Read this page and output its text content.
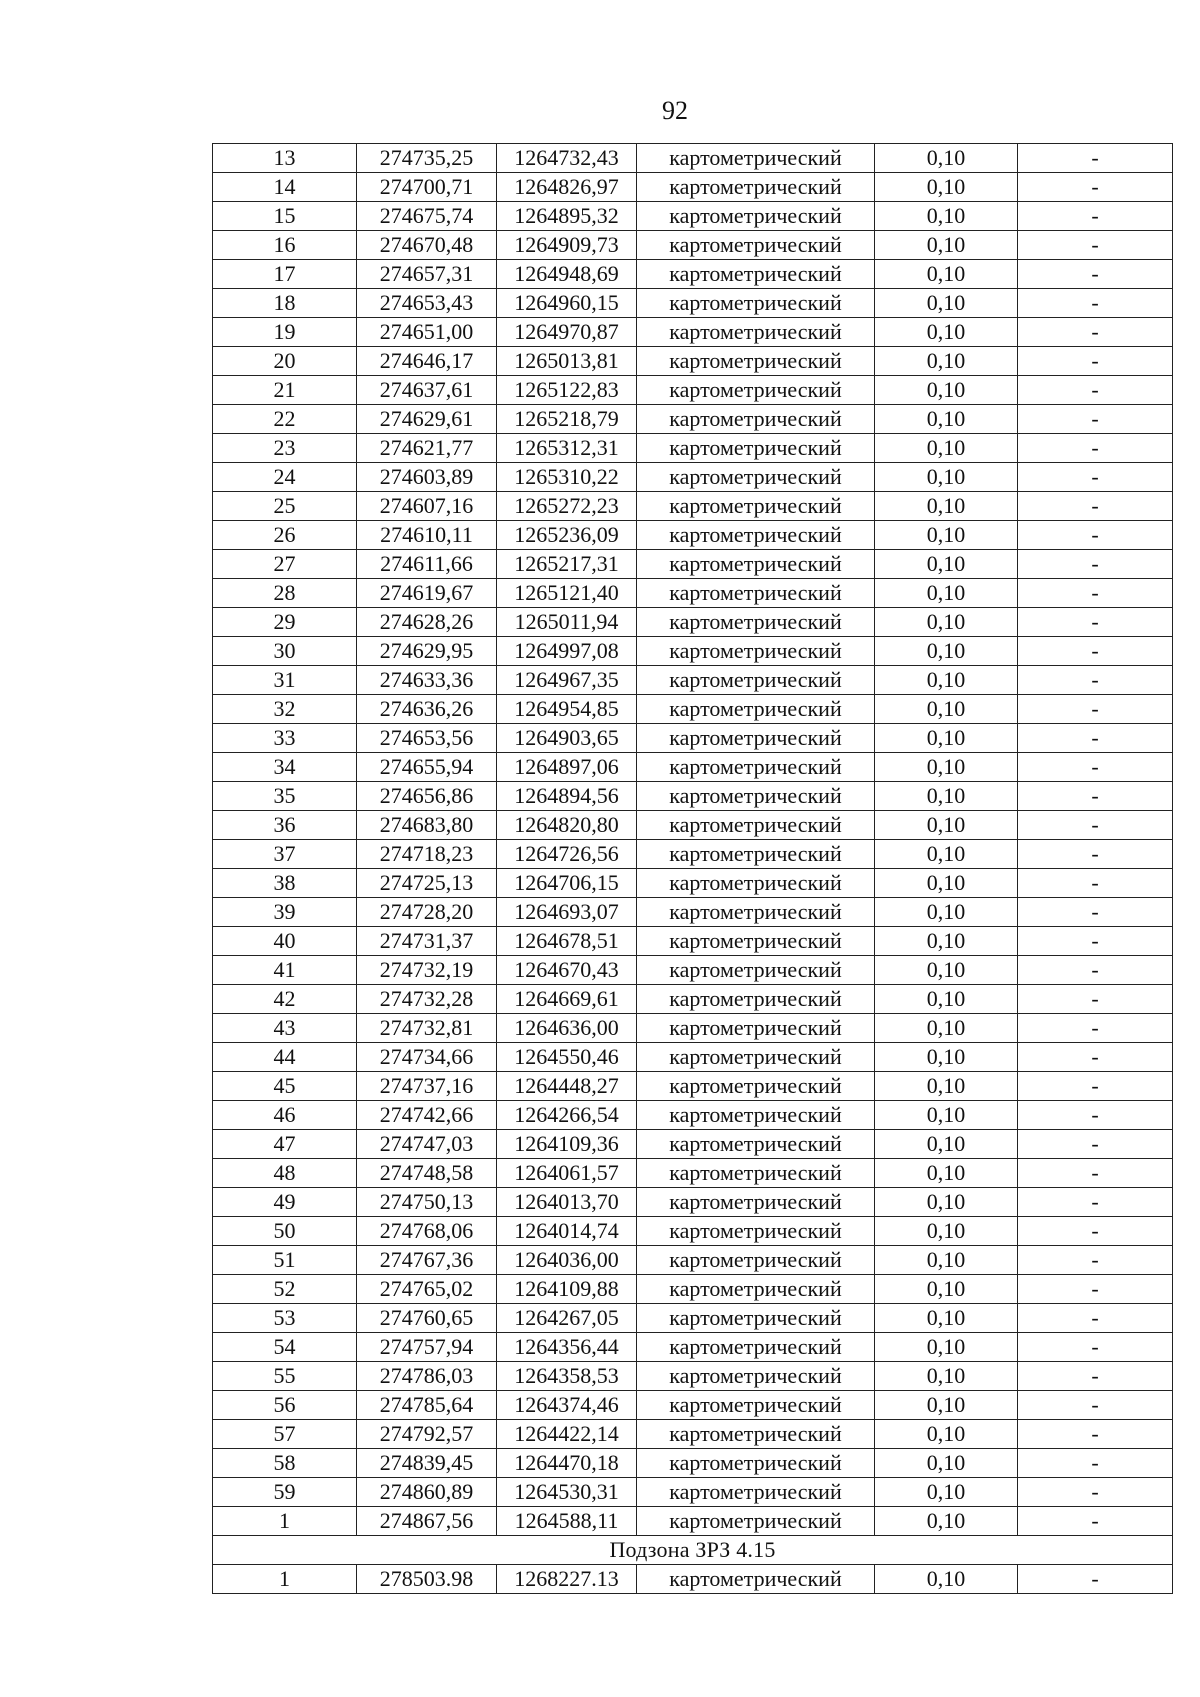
92
13	274735,25	1264732,43	картометрический	0,10	-
14	274700,71	1264826,97	картометрический	0,10	-
15	274675,74	1264895,32	картометрический	0,10	-
16	274670,48	1264909,73	картометрический	0,10	-
17	274657,31	1264948,69	картометрический	0,10	-
18	274653,43	1264960,15	картометрический	0,10	-
19	274651,00	1264970,87	картометрический	0,10	-
20	274646,17	1265013,81	картометрический	0,10	-
21	274637,61	1265122,83	картометрический	0,10	-
22	274629,61	1265218,79	картометрический	0,10	-
23	274621,77	1265312,31	картометрический	0,10	-
24	274603,89	1265310,22	картометрический	0,10	-
25	274607,16	1265272,23	картометрический	0,10	-
26	274610,11	1265236,09	картометрический	0,10	-
27	274611,66	1265217,31	картометрический	0,10	-
28	274619,67	1265121,40	картометрический	0,10	-
29	274628,26	1265011,94	картометрический	0,10	-
30	274629,95	1264997,08	картометрический	0,10	-
31	274633,36	1264967,35	картометрический	0,10	-
32	274636,26	1264954,85	картометрический	0,10	-
33	274653,56	1264903,65	картометрический	0,10	-
34	274655,94	1264897,06	картометрический	0,10	-
35	274656,86	1264894,56	картометрический	0,10	-
36	274683,80	1264820,80	картометрический	0,10	-
37	274718,23	1264726,56	картометрический	0,10	-
38	274725,13	1264706,15	картометрический	0,10	-
39	274728,20	1264693,07	картометрический	0,10	-
40	274731,37	1264678,51	картометрический	0,10	-
41	274732,19	1264670,43	картометрический	0,10	-
42	274732,28	1264669,61	картометрический	0,10	-
43	274732,81	1264636,00	картометрический	0,10	-
44	274734,66	1264550,46	картометрический	0,10	-
45	274737,16	1264448,27	картометрический	0,10	-
46	274742,66	1264266,54	картометрический	0,10	-
47	274747,03	1264109,36	картометрический	0,10	-
48	274748,58	1264061,57	картометрический	0,10	-
49	274750,13	1264013,70	картометрический	0,10	-
50	274768,06	1264014,74	картометрический	0,10	-
51	274767,36	1264036,00	картометрический	0,10	-
52	274765,02	1264109,88	картометрический	0,10	-
53	274760,65	1264267,05	картометрический	0,10	-
54	274757,94	1264356,44	картометрический	0,10	-
55	274786,03	1264358,53	картометрический	0,10	-
56	274785,64	1264374,46	картометрический	0,10	-
57	274792,57	1264422,14	картометрический	0,10	-
58	274839,45	1264470,18	картометрический	0,10	-
59	274860,89	1264530,31	картометрический	0,10	-
1	274867,56	1264588,11	картометрический	0,10	-
Подзона ЗРЗ 4.15					
1	278503.98	1268227.13	картометрический	0,10	-
